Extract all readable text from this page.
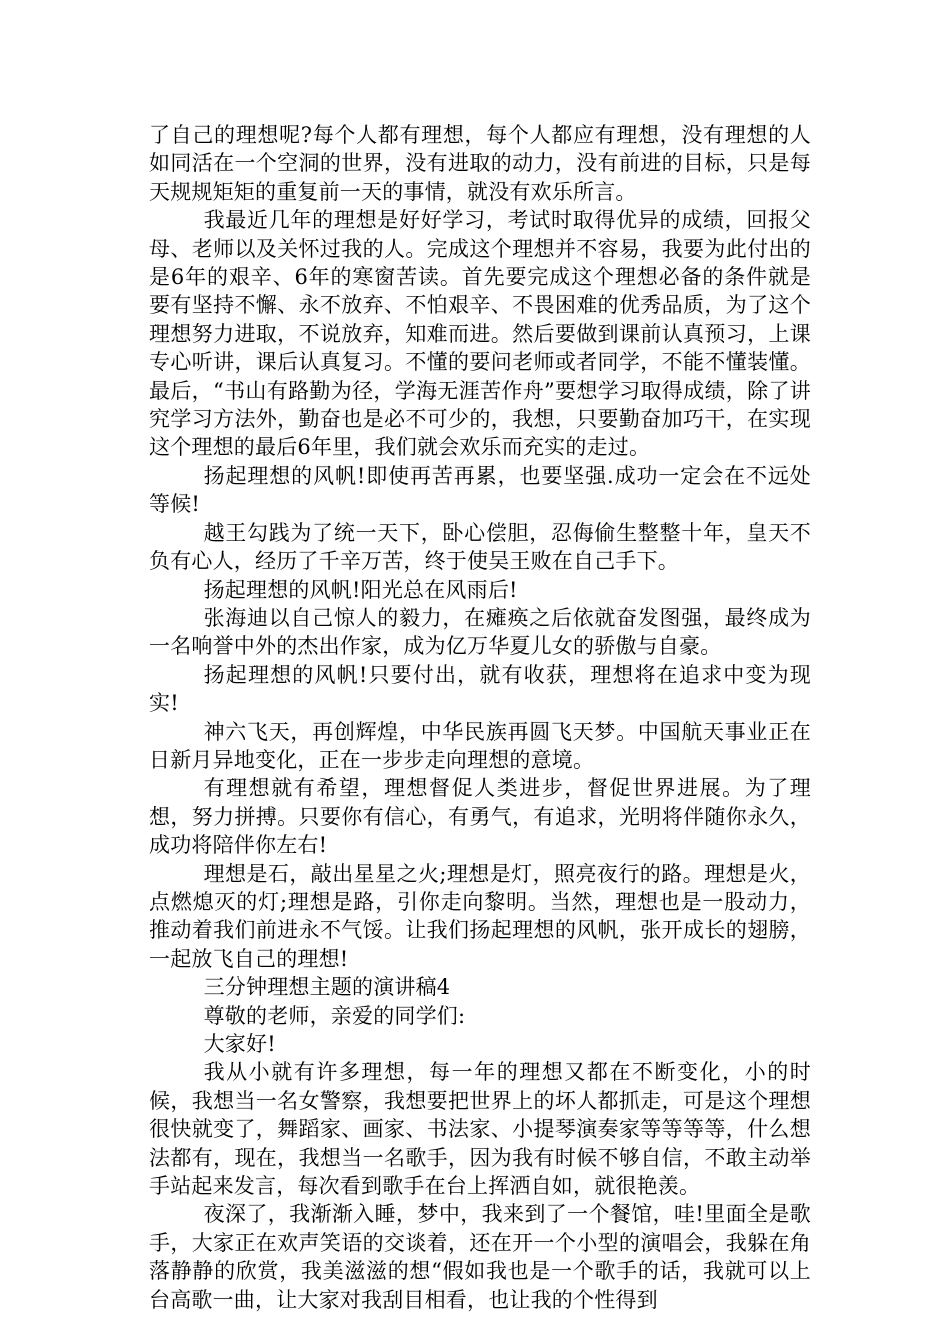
了自己的理想呢?每个人都有理想，每个人都应有理想，没有理想的人如同活在一个空洞的世界，没有进取的动力，没有前进的目标，只是每天规规矩矩的重复前一天的事情，就没有欢乐所言。

我最近几年的理想是好好学习，考试时取得优异的成绩，回报父母、老师以及关怀过我的人。完成这个理想并不容易，我要为此付出的是6年的艰辛、6年的寒窗苦读。首先要完成这个理想必备的条件就是要有坚持不懈、永不放弃、不怕艰辛、不畏困难的优秀品质，为了这个理想努力进取，不说放弃，知难而进。然后要做到课前认真预习，上课专心听讲，课后认真复习。不懂的要问老师或者同学，不能不懂装懂。最后，“书山有路勤为径，学海无涯苦作舟”要想学习取得成绩，除了讲究学习方法外，勤奋也是必不可少的，我想，只要勤奋加巧干，在实现这个理想的最后6年里，我们就会欢乐而充实的走过。

扬起理想的风帆!即使再苦再累，也要坚强.成功一定会在不远处等候!

越王勾践为了统一天下，卧心偿胆，忍侮偷生整整十年，皇天不负有心人，经历了千辛万苦，终于使吴王败在自己手下。

扬起理想的风帆!阳光总在风雨后!

张海迪以自己惊人的毅力，在瘫痪之后依就奋发图强，最终成为一名响誉中外的杰出作家，成为亿万华夏儿女的骄傲与自豪。

扬起理想的风帆!只要付出，就有收获，理想将在追求中变为现实!

神六飞天，再创辉煌，中华民族再圆飞天梦。中国航天事业正在日新月异地变化，正在一步步走向理想的意境。

有理想就有希望，理想督促人类进步，督促世界进展。为了理想，努力拼搏。只要你有信心，有勇气，有追求，光明将伴随你永久，成功将陪伴你左右!

理想是石，敲出星星之火;理想是灯，照亮夜行的路。理想是火，点燃熄灭的灯;理想是路，引你走向黎明。当然，理想也是一股动力，推动着我们前进永不气馁。让我们扬起理想的风帆，张开成长的翅膀，一起放飞自己的理想!

三分钟理想主题的演讲稿4

尊敬的老师，亲爱的同学们:

大家好!

我从小就有许多理想，每一年的理想又都在不断变化，小的时候，我想当一名女警察，我想要把世界上的坏人都抓走，可是这个理想很快就变了，舞蹈家、画家、书法家、小提琴演奏家等等等等，什么想法都有，现在，我想当一名歌手，因为我有时候不够自信，不敢主动举手站起来发言，每次看到歌手在台上挥洒自如，就很艳羡。

夜深了，我渐渐入睡，梦中，我来到了一个餐馆，哇!里面全是歌手，大家正在欢声笑语的交谈着，还在开一个小型的演唱会，我躲在角落静静的欣赏，我美滋滋的想“假如我也是一个歌手的话，我就可以上台高歌一曲，让大家对我刮目相看，也让我的个性得到
